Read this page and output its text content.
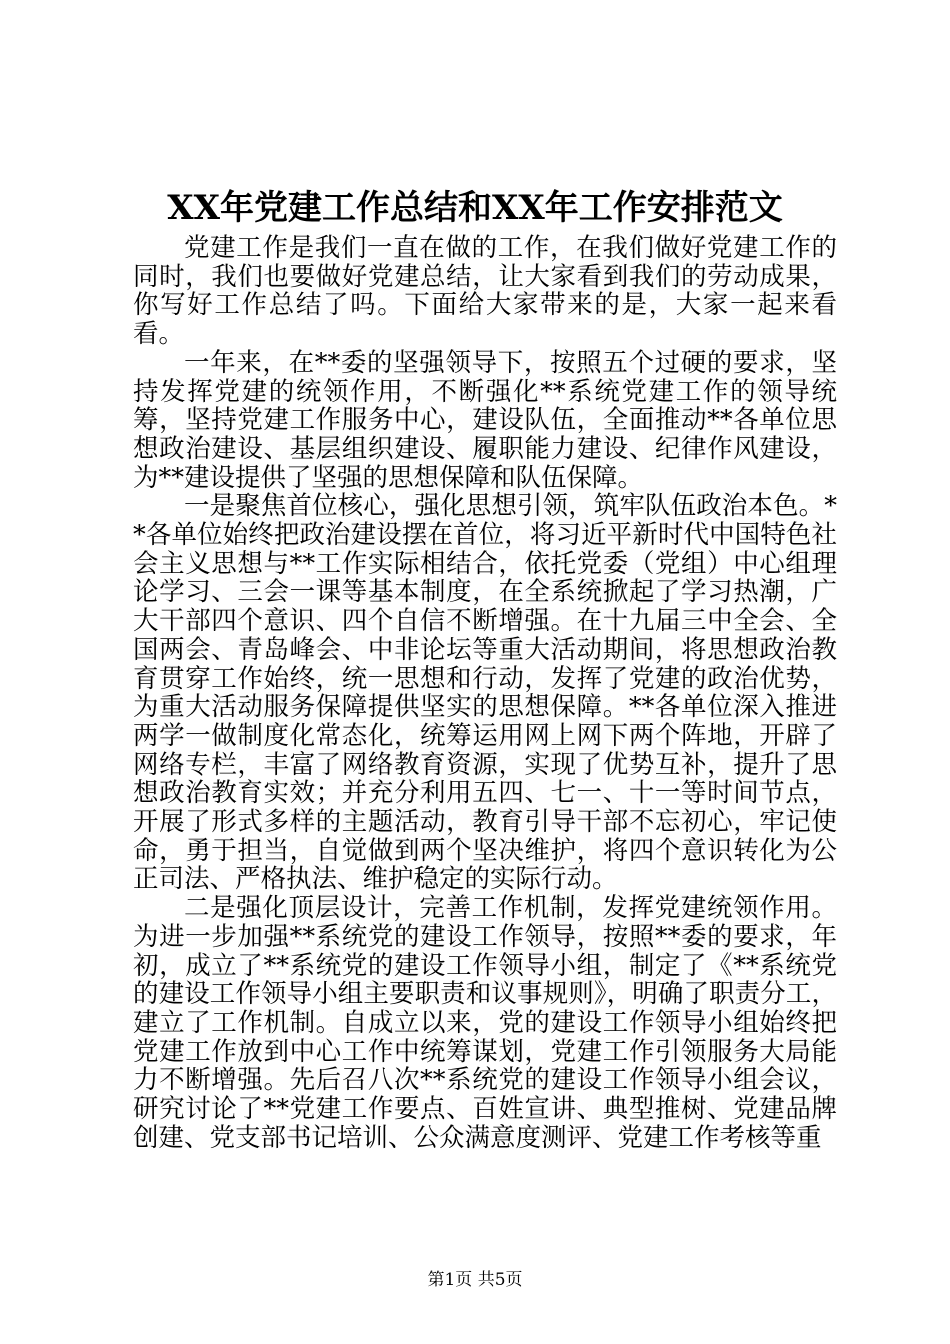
XX年党建工作总结和XX年工作安排范文

党建工作是我们一直在做的工作，在我们做好党建工作的同时，我们也要做好党建总结，让大家看到我们的劳动成果，你写好工作总结了吗。下面给大家带来的是，大家一起来看看。

一年来，在**委的坚强领导下，按照五个过硬的要求，坚持发挥党建的统领作用，不断强化**系统党建工作的领导统筹，坚持党建工作服务中心，建设队伍，全面推动**各单位思想政治建设、基层组织建设、履职能力建设、纪律作风建设，为**建设提供了坚强的思想保障和队伍保障。

一是聚焦首位核心，强化思想引领，筑牢队伍政治本色。**各单位始终把政治建设摆在首位，将习近平新时代中国特色社会主义思想与**工作实际相结合，依托党委（党组）中心组理论学习、三会一课等基本制度，在全系统掀起了学习热潮，广大干部四个意识、四个自信不断增强。在十九届三中全会、全国两会、青岛峰会、中非论坛等重大活动期间，将思想政治教育贯穿工作始终，统一思想和行动，发挥了党建的政治优势，为重大活动服务保障提供坚实的思想保障。**各单位深入推进两学一做制度化常态化，统筹运用网上网下两个阵地，开辟了网络专栏，丰富了网络教育资源，实现了优势互补，提升了思想政治教育实效；并充分利用五四、七一、十一等时间节点，开展了形式多样的主题活动，教育引导干部不忘初心，牢记使命，勇于担当，自觉做到两个坚决维护，将四个意识转化为公正司法、严格执法、维护稳定的实际行动。

二是强化顶层设计，完善工作机制，发挥党建统领作用。为进一步加强**系统党的建设工作领导，按照**委的要求，年初，成立了**系统党的建设工作领导小组，制定了《**系统党的建设工作领导小组主要职责和议事规则》，明确了职责分工，建立了工作机制。自成立以来，党的建设工作领导小组始终把党建工作放到中心工作中统筹谋划，党建工作引领服务大局能力不断增强。先后召八次**系统党的建设工作领导小组会议，研究讨论了**党建工作要点、百姓宣讲、典型推树、党建品牌创建、党支部书记培训、公众满意度测评、党建工作考核等重

第1页 共5页
